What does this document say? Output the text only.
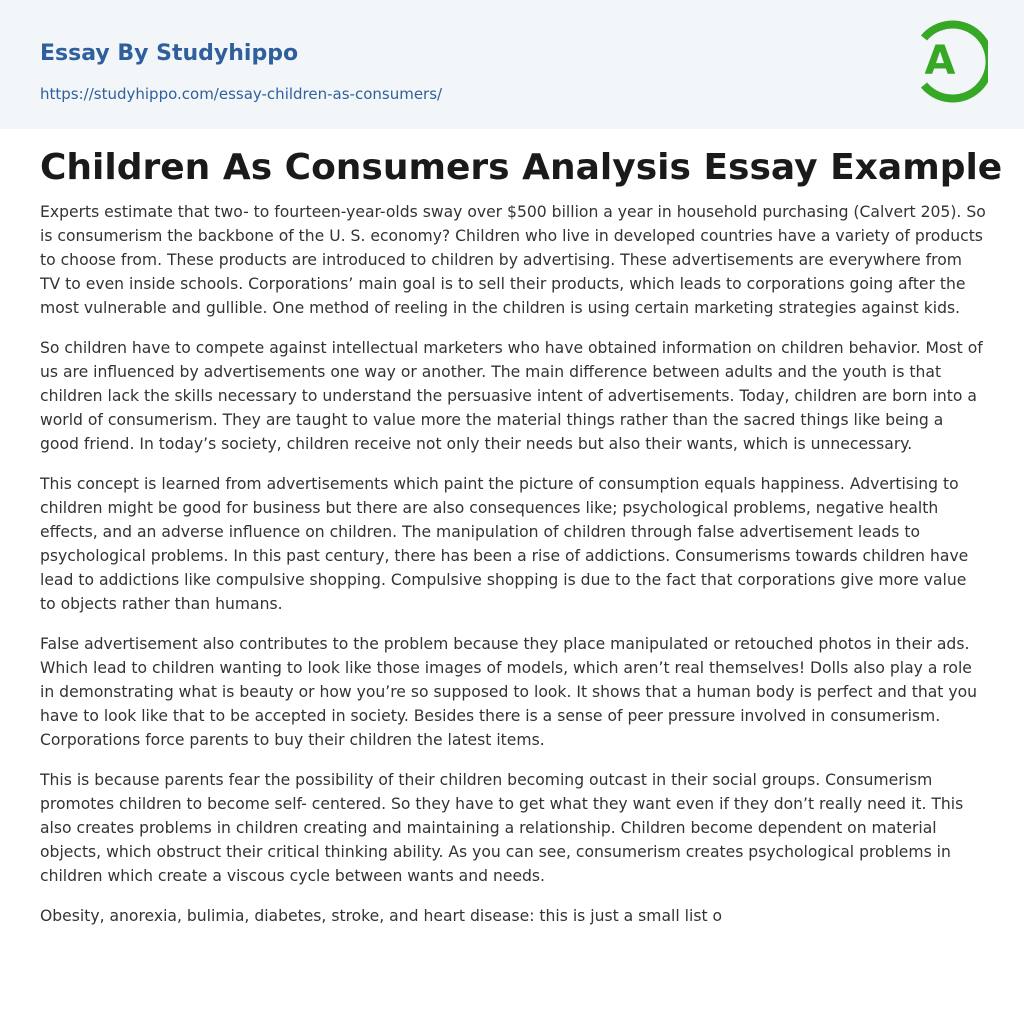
Essay By Studyhippo
https://studyhippo.com/essay-children-as-consumers/
A
Children As Consumers Analysis Essay Example

Experts estimate that two- to fourteen-year-olds sway over $500 billion a year in household purchasing (Calvert 205). So is consumerism the backbone of the U. S. economy? Children who live in developed countries have a variety of products to choose from. These products are introduced to children by advertising. These advertisements are everywhere from TV to even inside schools. Corporations’ main goal is to sell their products, which leads to corporations going after the most vulnerable and gullible. One method of reeling in the children is using certain marketing strategies against kids.

So children have to compete against intellectual marketers who have obtained information on children behavior. Most of us are influenced by advertisements one way or another. The main difference between adults and the youth is that children lack the skills necessary to understand the persuasive intent of advertisements. Today, children are born into a world of consumerism. They are taught to value more the material things rather than the sacred things like being a good friend. In today’s society, children receive not only their needs but also their wants, which is unnecessary.

This concept is learned from advertisements which paint the picture of consumption equals happiness. Advertising to children might be good for business but there are also consequences like; psychological problems, negative health effects, and an adverse influence on children. The manipulation of children through false advertisement leads to psychological problems. In this past century, there has been a rise of addictions. Consumerisms towards children have lead to addictions like compulsive shopping. Compulsive shopping is due to the fact that corporations give more value to objects rather than humans.

False advertisement also contributes to the problem because they place manipulated or retouched photos in their ads. Which lead to children wanting to look like those images of models, which aren’t real themselves! Dolls also play a role in demonstrating what is beauty or how you’re so supposed to look. It shows that a human body is perfect and that you have to look like that to be accepted in society. Besides there is a sense of peer pressure involved in consumerism. Corporations force parents to buy their children the latest items.

This is because parents fear the possibility of their children becoming outcast in their social groups. Consumerism promotes children to become self- centered. So they have to get what they want even if they don’t really need it. This also creates problems in children creating and maintaining a relationship. Children become dependent on material objects, which obstruct their critical thinking ability. As you can see, consumerism creates psychological problems in children which create a viscous cycle between wants and needs.

Obesity, anorexia, bulimia, diabetes, stroke, and heart disease: this is just a small list o
